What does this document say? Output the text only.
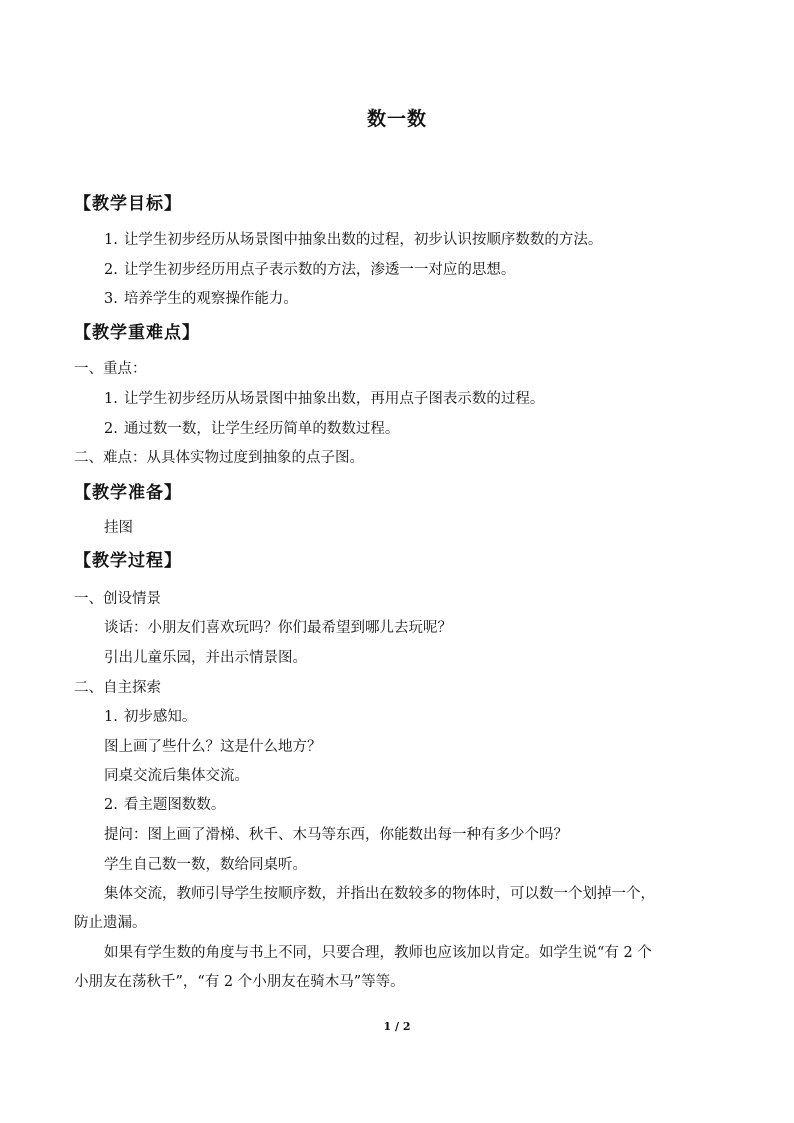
数一数
【教学目标】
1. 让学生初步经历从场景图中抽象出数的过程，初步认识按顺序数数的方法。
2. 让学生初步经历用点子表示数的方法，渗透一一对应的思想。
3. 培养学生的观察操作能力。
【教学重难点】
一、重点：
1. 让学生初步经历从场景图中抽象出数，再用点子图表示数的过程。
2. 通过数一数，让学生经历简单的数数过程。
二、难点：从具体实物过度到抽象的点子图。
【教学准备】
挂图
【教学过程】
一、创设情景
谈话：小朋友们喜欢玩吗？你们最希望到哪儿去玩呢？
引出儿童乐园，并出示情景图。
二、自主探索
1. 初步感知。
图上画了些什么？这是什么地方？
同桌交流后集体交流。
2. 看主题图数数。
提问：图上画了滑梯、秋千、木马等东西，你能数出每一种有多少个吗？
学生自己数一数，数给同桌听。
集体交流，教师引导学生按顺序数，并指出在数较多的物体时，可以数一个划掉一个，
防止遗漏。
如果有学生数的角度与书上不同，只要合理，教师也应该加以肯定。如学生说“有 2 个
小朋友在荡秋千”，“有 2 个小朋友在骑木马”等等。
1 / 2
